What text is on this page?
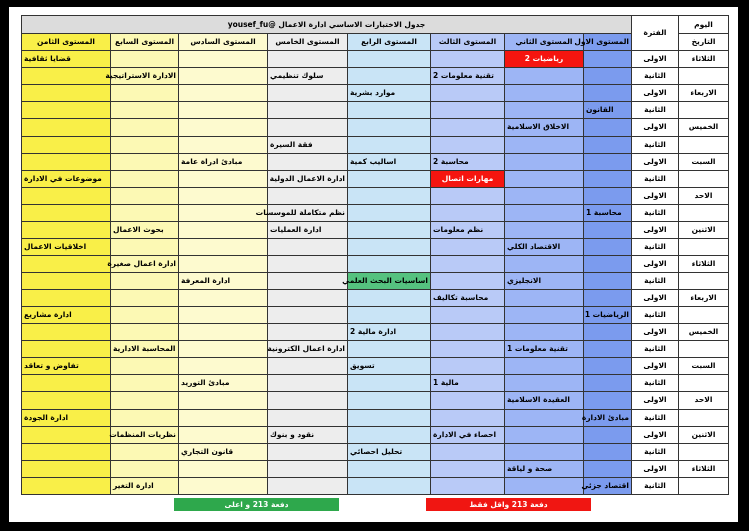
اليوم	الفترة	جدول الاختبارات الاساسي ادارة الاعمال @yousef_fu							
التاريخ		المستوى الاول	المستوى الثاني	المستوى الثالث	المستوى الرابع	المستوى الخامس	المستوى السادس	المستوى السابع	المستوى الثامن
الثلاثاء	الاولى		رياضيات 2						قضايا ثقافية
	الثانية			تقنية معلومات 2		سلوك تنظيمي		الادارة الاستراتيجية	
الاربعاء	الاولى				موارد بشرية				
	الثانية	القانون							
الخميس	الاولى		الاخلاق الاسلامية						
	الثانية					فقة السيرة			
السبت	الاولى			محاسبة 2	اساليب كمية		مبادئ ادراة عامة		
	الثانية			مهارات اتصال		ادارة الاعمال الدولية			موضوعات في الادارة
الاحد	الاولى								
	الثانية	محاسبة 1				نظم متكاملة للموسسات			
الاثنين	الاولى			نظم معلومات		ادارة العمليات		بحوث الاعمال	
	الثانية		الاقتصاد الكلي						اخلاقيات الاعمال
الثلاثاء	الاولى							ادارة اعمال صغيرة	
	الثانية		الانجليزي		اساسيات البحث العلمي		ادارة المعرفة		
الاربعاء	الاولى			محاسبة تكاليف					
	الثانية	الرياضيات 1							ادارة مشاريع
الخميس	الاولى				ادارة مالية 2				
	الثانية		تقنية معلومات 1			ادارة اعمال الكترونية		المحاسبة الادارية	
السبت	الاولى				تسويق				تفاوض و تعاقد
	الثانية			مالية 1			مبادئ التوريد		
الاحد	الاولى		العقيدة الاسلامية						
	الثانية	مبادئ الادارة							ادارة الجودة
الاثنين	الاولى			احصاء في الادارة		نقود و بنوك		نظريات المنظمات	
	الثانية				تحليل احصائي		قانون التجاري		
الثلاثاء	الاولى		صحة و لياقة						
	الثانية	اقتصاد جزئي						ادارة التغير	
دفعة 213 و اعلى	دفعة 213 واقل فقط
